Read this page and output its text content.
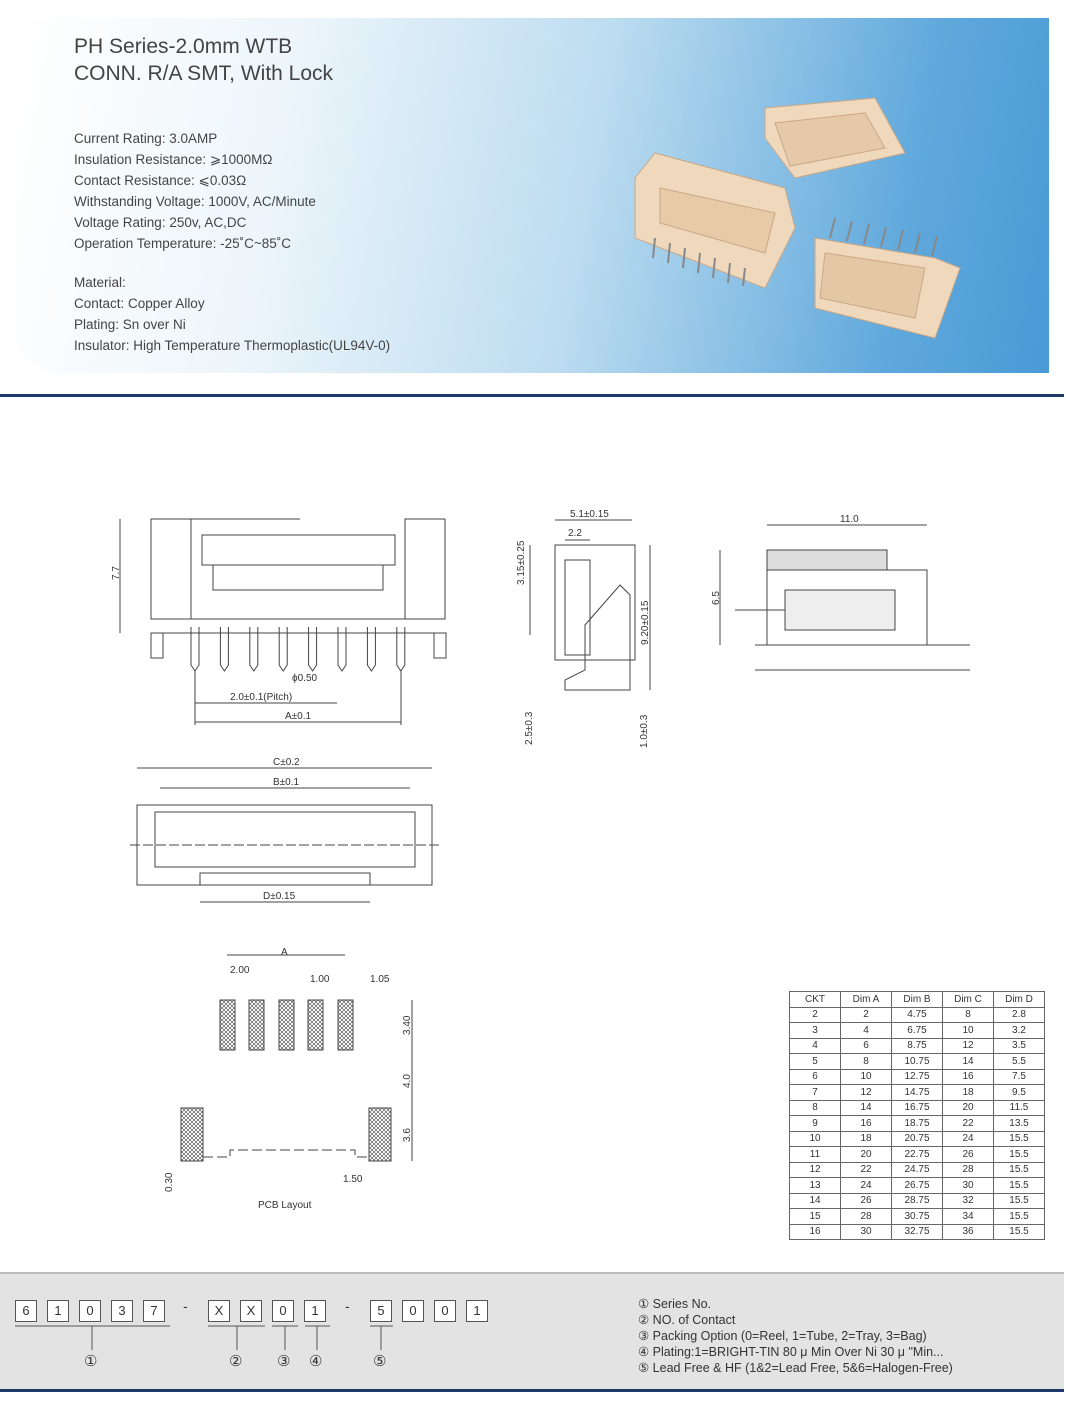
PH Series-2.0mm WTB
CONN. R/A SMT, With Lock
Current Rating: 3.0AMP
Insulation Resistance: ⩾1000MΩ
Contact Resistance: ⩽0.03Ω
Withstanding Voltage: 1000V, AC/Minute
Voltage Rating: 250v, AC,DC
Operation Temperature: -25˚C~85˚C
Material:
Contact: Copper Alloy
Plating: Sn over Ni
Insulator: High Temperature Thermoplastic(UL94V-0)
7.7
ϕ0.50
2.0±0.1(Pitch)
A±0.1
5.1±0.15
2.2
3.15±0.25
9.20±0.15
2.5±0.3	1.0±0.3
11.0
6.5
C±0.2
B±0.1
D±0.15
A
2.00
1.00	1.05
3.40
4.0
3.6
1.50
0.30
PCB Layout
CKT	Dim A	Dim B	Dim C	Dim D
2	2	4.75	8	2.8
3	4	6.75	10	3.2
4	6	8.75	12	3.5
5	8	10.75	14	5.5
6	10	12.75	16	7.5
7	12	14.75	18	9.5
8	14	16.75	20	11.5
9	16	18.75	22	13.5
10	18	20.75	24	15.5
11	20	22.75	26	15.5
12	22	24.75	28	15.5
13	24	26.75	30	15.5
14	26	28.75	32	15.5
15	28	30.75	34	15.5
16	30	32.75	36	15.5
6	1	0	3	7	X	X	0	1	5	0	0	1
-	-
①	② ③ ④	⑤
① Series No.
② NO. of Contact
③ Packing Option (0=Reel, 1=Tube, 2=Tray, 3=Bag)
④ Plating:1=BRIGHT-TIN 80 μ Min Over Ni 30 μ "Min...
⑤ Lead Free & HF (1&2=Lead Free, 5&6=Halogen-Free)
